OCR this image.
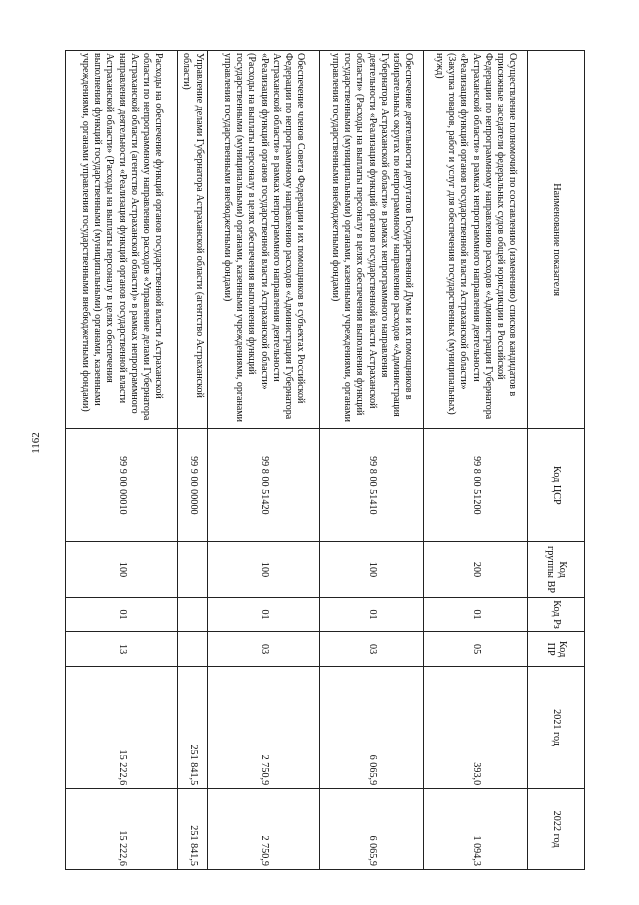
1162
Наименование показателя	Код ЦСР	Код группы ВР	Код Рз	Код ПР	2021 год	2022 год
Осуществление полномочий по составлению (изменению) списков кандидатов в присяжные заседатели федеральных судов общей юрисдикции в Российской Федерации по непрограммному направлению расходов «Администрация Губернатора Астраханской области» в рамках непрограммного направления деятельности «Реализация функций органов государственной власти Астраханской области» (Закупка товаров, работ и услуг для обеспечения государственных (муниципальных) нужд)	99 8 00 51200	200	01	05	393,0	1 094,3
Обеспечение деятельности депутатов Государственной Думы и их помощников в избирательных округах по непрограммному направлению расходов «Администрация Губернатора Астраханской области» в рамках непрограммного направления деятельности «Реализация функций органов государственной власти Астраханской области» (Расходы на выплаты персоналу в целях обеспечения выполнения функций государственными (муниципальными) органами, казенными учреждениями, органами управления государственными внебюджетными фондами)	99 8 00 51410	100	01	03	6 065,9	6 065,9
Обеспечение членов Совета Федерации и их помощников в субъектах Российской Федерации по непрограммному направлению расходов «Администрация Губернатора Астраханской области» в рамках непрограммного направления деятельности «Реализация функций органов государственной власти Астраханской области» (Расходы на выплаты персоналу в целях обеспечения выполнения функций государственными (муниципальными) органами, казенными учреждениями, органами управления государственными внебюджетными фондами)	99 8 00 51420	100	01	03	2 750,9	2 750,9
Управление делами Губернатора Астраханской области (агентство Астраханской области)	99 9 00 00000				251 841,5	251 841,5
Расходы на обеспечение функций органов государственной власти Астраханской области по непрограммному направлению расходов «Управление делами Губернатора Астраханской области (агентство Астраханской области)» в рамках непрограммного направления деятельности «Реализация функций органов государственной власти Астраханской области» (Расходы на выплаты персоналу в целях обеспечения выполнения функций государственными (муниципальными) органами, казенными учреждениями, органами управления государственными внебюджетными фондами)	99 9 00 00010	100	01	13	15 222,6	15 222,6
